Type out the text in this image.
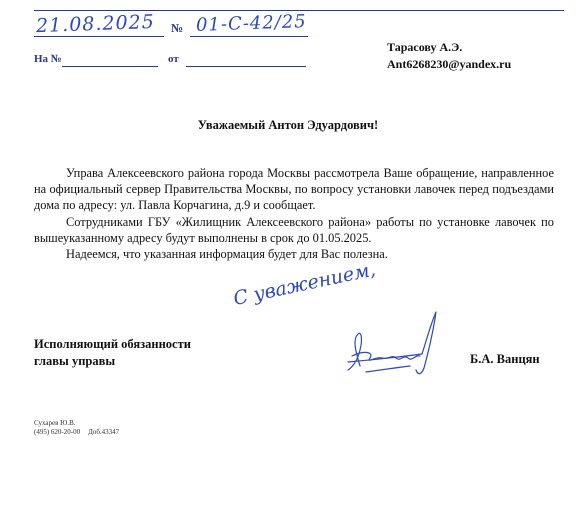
21.08.2025 № 01-С-42/25
На №	от
Тарасову А.Э.
Ant6268230@yandex.ru
Уважаемый Антон Эдуардович!

Управа Алексеевского района города Москвы рассмотрела Ваше обращение, направленное на официальный сервер Правительства Москвы, по вопросу установки лавочек перед подъездами дома по адресу: ул. Павла Корчагина, д.9 и сообщает.

Сотрудниками ГБУ «Жилищник Алексеевского района» работы по установке лавочек по вышеуказанному адресу будут выполнены в срок до 01.05.2025.

Надеемся, что указанная информация будет для Вас полезна.

С уважением,
Исполняющий обязанности
главы управы	Б.А. Ванцян
Сухарев Ю.В.
(495) 620-20-00 Доб.43347
